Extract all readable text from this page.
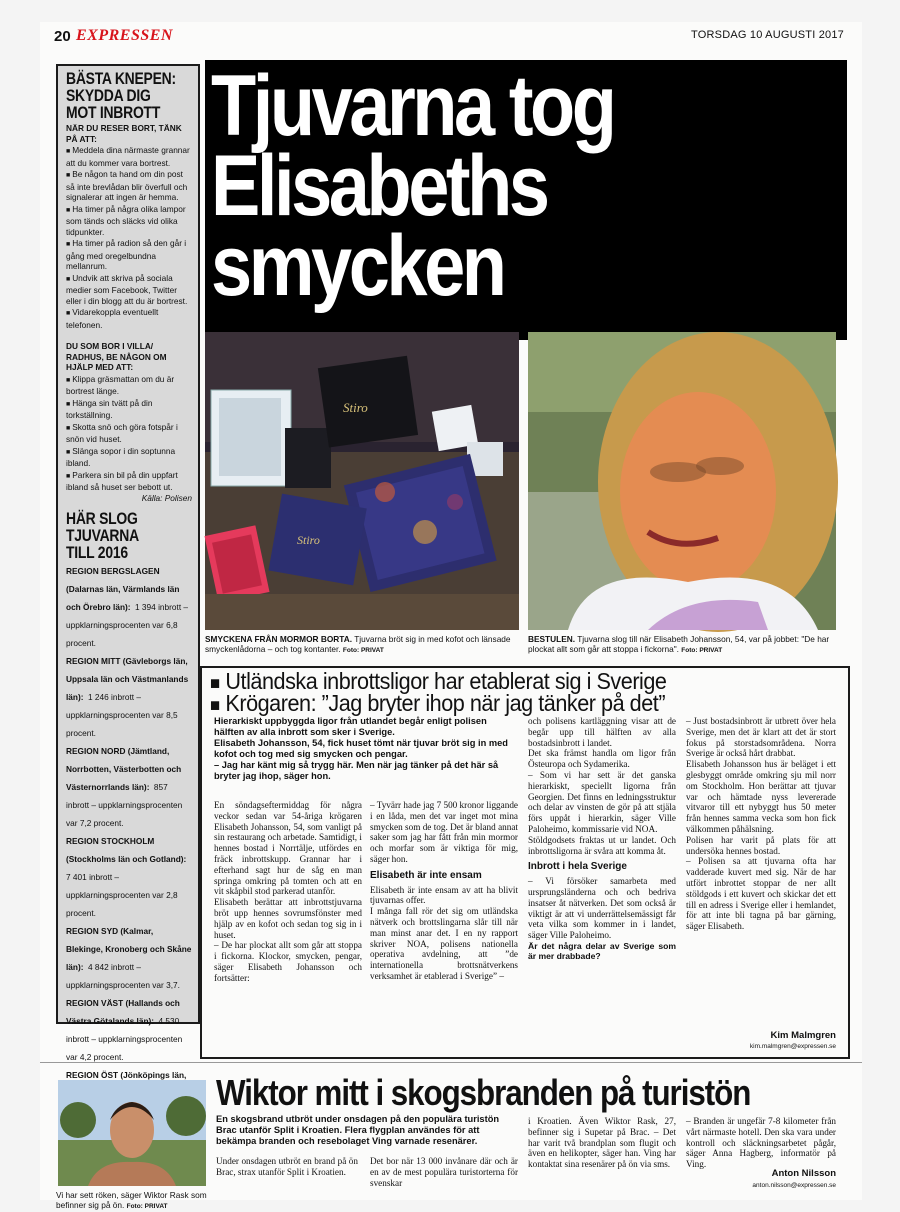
20 EXPRESSEN	TORSDAG 10 AUGUSTI 2017
BÄSTA KNEPEN:
SKYDDA DIG
MOT INBROTT
NÄR DU RESER BORT, TÄNK PÅ ATT:
■ Meddela dina närmaste grannar att du kommer vara bortrest.
■ Be någon ta hand om din post så inte brevlådan blir överfull och signalerar att ingen är hemma.
■ Ha timer på några olika lampor som tänds och släcks vid olika tidpunkter.
■ Ha timer på radion så den går i gång med oregelbundna mellanrum.
■ Undvik att skriva på sociala medier som Facebook, Twitter eller i din blogg att du är bortrest.
■ Vidarekoppla eventuellt telefonen.
DU SOM BOR I VILLA/ RADHUS, BE NÅGON OM HJÄLP MED ATT:
■ Klippa gräsmattan om du är bortrest länge.
■ Hänga sin tvätt på din torkställning.
■ Skotta snö och göra fotspår i snön vid huset.
■ Slänga sopor i din soptunna ibland.
■ Parkera sin bil på din uppfart ibland så huset ser bebott ut.
Källa: Polisen
HÄR SLOG
TJUVARNA
TILL 2016
REGION BERGSLAGEN (Dalarnas län, Värmlands län och Örebro län): 1 394 inbrott – uppklarningsprocenten var 6,8 procent.
REGION MITT (Gävleborgs län, Uppsala län och Västmanlands län): 1 246 inbrott – uppklarningsprocenten var 8,5 procent.
REGION NORD (Jämtland, Norrbotten, Västerbotten och Västernorrlands län): 857 inbrott – uppklarningsprocenten var 7,2 procent.
REGION STOCKHOLM (Stockholms län och Gotland): 7 401 inbrott – uppklarningsprocenten var 2,8 procent.
REGION SYD (Kalmar, Blekinge, Kronoberg och Skåne län): 4 842 inbrott – uppklarningsprocenten var 3,7.
REGION VÄST (Hallands och Västra Götalands län): 4 530 inbrott – uppklarningsprocenten var 4,2 procent.
REGION ÖST (Jönköpings län,
Tjuvarna tog
Elisabeths
smycken
Stiro
Stiro
SMYCKENA FRÅN MORMOR BORTA. Tjuvarna bröt sig in med kofot och länsade smyckenlådorna – och tog kontanter. Foto: PRIVAT
BESTULEN. Tjuvarna slog till när Elisabeth Johansson, 54, var på jobbet: "De har plockat allt som går att stoppa i fickorna". Foto: PRIVAT
■ Utländska inbrottsligor har etablerat sig i Sverige
■ Krögaren: ”Jag bryter ihop när jag tänker på det”
Hierarkiskt uppbyggda ligor från utlandet begår enligt polisen hälften av alla inbrott som sker i Sverige.
Elisabeth Johansson, 54, fick huset tömt när tjuvar bröt sig in med kofot och tog med sig smycken och pengar.
– Jag har känt mig så trygg här. Men när jag tänker på det här så bryter jag ihop, säger hon.

En söndagseftermiddag för några veckor sedan var 54-åriga krögaren Elisabeth Johansson, 54, som vanligt på sin restaurang och arbetade. Samtidigt, i hennes bostad i Norrtälje, utfördes en fräck inbrottskupp. Grannar har i efterhand sagt hur de såg en man springa omkring på tomten och att en vit skåpbil stod parkerad utanför.

Elisabeth berättar att inbrottstjuvarna bröt upp hennes sovrumsfönster med hjälp av en kofot och sedan tog sig in i huset.

– De har plockat allt som går att stoppa i fickorna. Klockor, smycken, pengar, säger Elisabeth Johansson och fortsätter:

– Tyvärr hade jag 7 500 kronor liggande i en låda, men det var inget mot mina smycken som de tog. Det är bland annat saker som jag har fått från min mormor och morfar som är viktiga för mig, säger hon.

Elisabeth är inte ensam

Elisabeth är inte ensam av att ha blivit tjuvarnas offer.

I många fall rör det sig om utländska nätverk och brottslingarna slår till när man minst anar det. I en ny rapport skriver NOA, polisens nationella operativa avdelning, att ”de internationella brottsnätverkens verksamhet är etablerad i Sverige” –

och polisens kartläggning visar att de begår upp till hälften av alla bostadsinbrott i landet.

Det ska främst handla om ligor från Östeuropa och Sydamerika.

– Som vi har sett är det ganska hierarkiskt, speciellt ligorna från Georgien. Det finns en ledningsstruktur och delar av vinsten de gör på att stjäla förs uppåt i hierarkin, säger Ville Paloheimo, kommissarie vid NOA.

Stöldgodsets fraktas ut ur landet. Och inbrottsligorna är svåra att komma åt.

Inbrott i hela Sverige

– Vi försöker samarbeta med ursprungsländerna och och bedriva insatser åt nätverken. Det som också är viktigt är att vi underrättelsemässigt får veta vilka som kommer in i landet, säger Ville Paloheimo.

Är det några delar av Sverige som är mer drabbade?

– Just bostadsinbrott är utbrett över hela Sverige, men det är klart att det är stort fokus på storstadsområdena. Norra Sverige är också hårt drabbat.

Elisabeth Johansson hus är beläget i ett glesbyggt område omkring sju mil norr om Stockholm. Hon berättar att tjuvar var och hämtade nyss levererade vitvaror till ett nybyggt hus 50 meter från hennes samma vecka som hon fick välkommen påhälsning.

Polisen har varit på plats för att undersöka hennes bostad.

– Polisen sa att tjuvarna ofta har vadderade kuvert med sig. När de har utfört inbrottet stoppar de ner allt stöldgods i ett kuvert och skickar det ett till en adress i Sverige eller i hemlandet, för att inte bli tagna på bar gärning, säger Elisabeth.

Kim Malmgren
kim.malmgren@expressen.se
Vi har sett röken, säger Wiktor Rask som befinner sig på ön. Foto: PRIVAT
Wiktor mitt i skogsbranden på turistön
En skogsbrand utbröt under onsdagen på den populära turistön Brac utanför Split i Kroatien. Flera flygplan användes för att bekämpa branden och resebolaget Ving varnade resenärer.
Under onsdagen utbröt en brand på ön Brac, strax utanför Split i Kroatien.
Det bor när 13 000 invånare där och är en av de mest populära turistorterna för svenskar
i Kroatien. Även Wiktor Rask, 27, befinner sig i Supetar på Brac. – Det har varit två brandplan som flugit och även en helikopter, säger han. Ving har kontaktat sina resenärer på ön via sms.
– Branden är ungefär 7-8 kilometer från vårt närmaste hotell. Den ska vara under kontroll och släckningsarbetet pågår, säger Anna Hagberg, informatör på Ving.
Anton Nilsson
anton.nilsson@expressen.se
